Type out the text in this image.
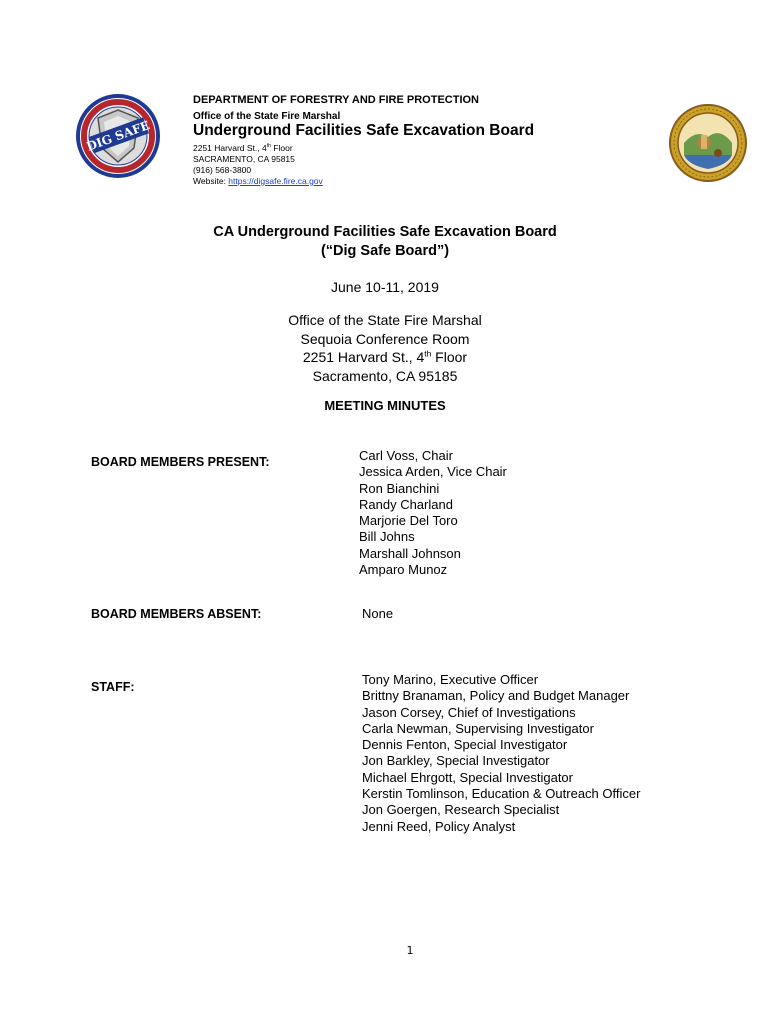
DIG SAFE
DEPARTMENT OF FORESTRY AND FIRE PROTECTION
Office of the State Fire Marshal
Underground Facilities Safe Excavation Board
2251 Harvard St., 4th Floor
SACRAMENTO, CA 95815
(916) 568-3800
Website: https://digsafe.fire.ca.gov
CA Underground Facilities Safe Excavation Board
(“Dig Safe Board”)
June 10-11, 2019
Office of the State Fire Marshal
Sequoia Conference Room
2251 Harvard St., 4th Floor
Sacramento, CA 95185
MEETING MINUTES
BOARD MEMBERS PRESENT:	Carl Voss, Chair
Jessica Arden, Vice Chair
Ron Bianchini
Randy Charland
Marjorie Del Toro
Bill Johns
Marshall Johnson
Amparo Munoz
BOARD MEMBERS ABSENT:	None
STAFF:	Tony Marino, Executive Officer
Brittny Branaman, Policy and Budget Manager
Jason Corsey, Chief of Investigations
Carla Newman, Supervising Investigator
Dennis Fenton, Special Investigator
Jon Barkley, Special Investigator
Michael Ehrgott, Special Investigator
Kerstin Tomlinson, Education & Outreach Officer
Jon Goergen, Research Specialist
Jenni Reed, Policy Analyst
1
